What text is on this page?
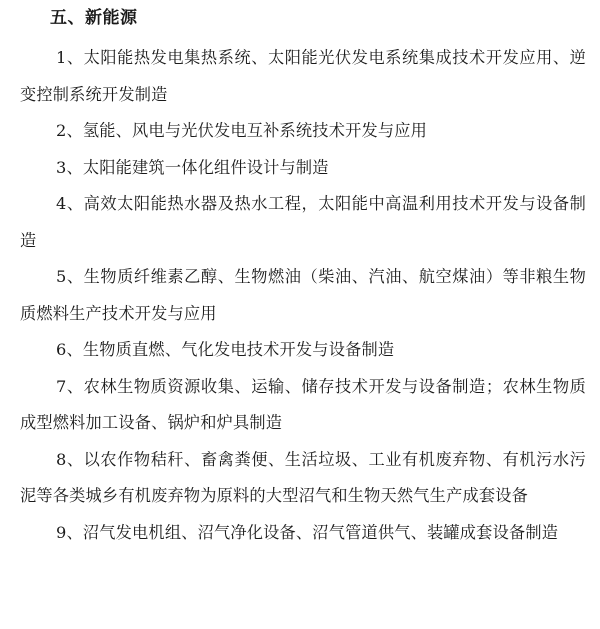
五、新能源

1、太阳能热发电集热系统、太阳能光伏发电系统集成技术开发应用、逆变控制系统开发制造

2、氢能、风电与光伏发电互补系统技术开发与应用

3、太阳能建筑一体化组件设计与制造

4、高效太阳能热水器及热水工程，太阳能中高温利用技术开发与设备制造

5、生物质纤维素乙醇、生物燃油（柴油、汽油、航空煤油）等非粮生物质燃料生产技术开发与应用

6、生物质直燃、气化发电技术开发与设备制造

7、农林生物质资源收集、运输、储存技术开发与设备制造；农林生物质成型燃料加工设备、锅炉和炉具制造

8、以农作物秸秆、畜禽粪便、生活垃圾、工业有机废弃物、有机污水污泥等各类城乡有机废弃物为原料的大型沼气和生物天然气生产成套设备

9、沼气发电机组、沼气净化设备、沼气管道供气、装罐成套设备制造
